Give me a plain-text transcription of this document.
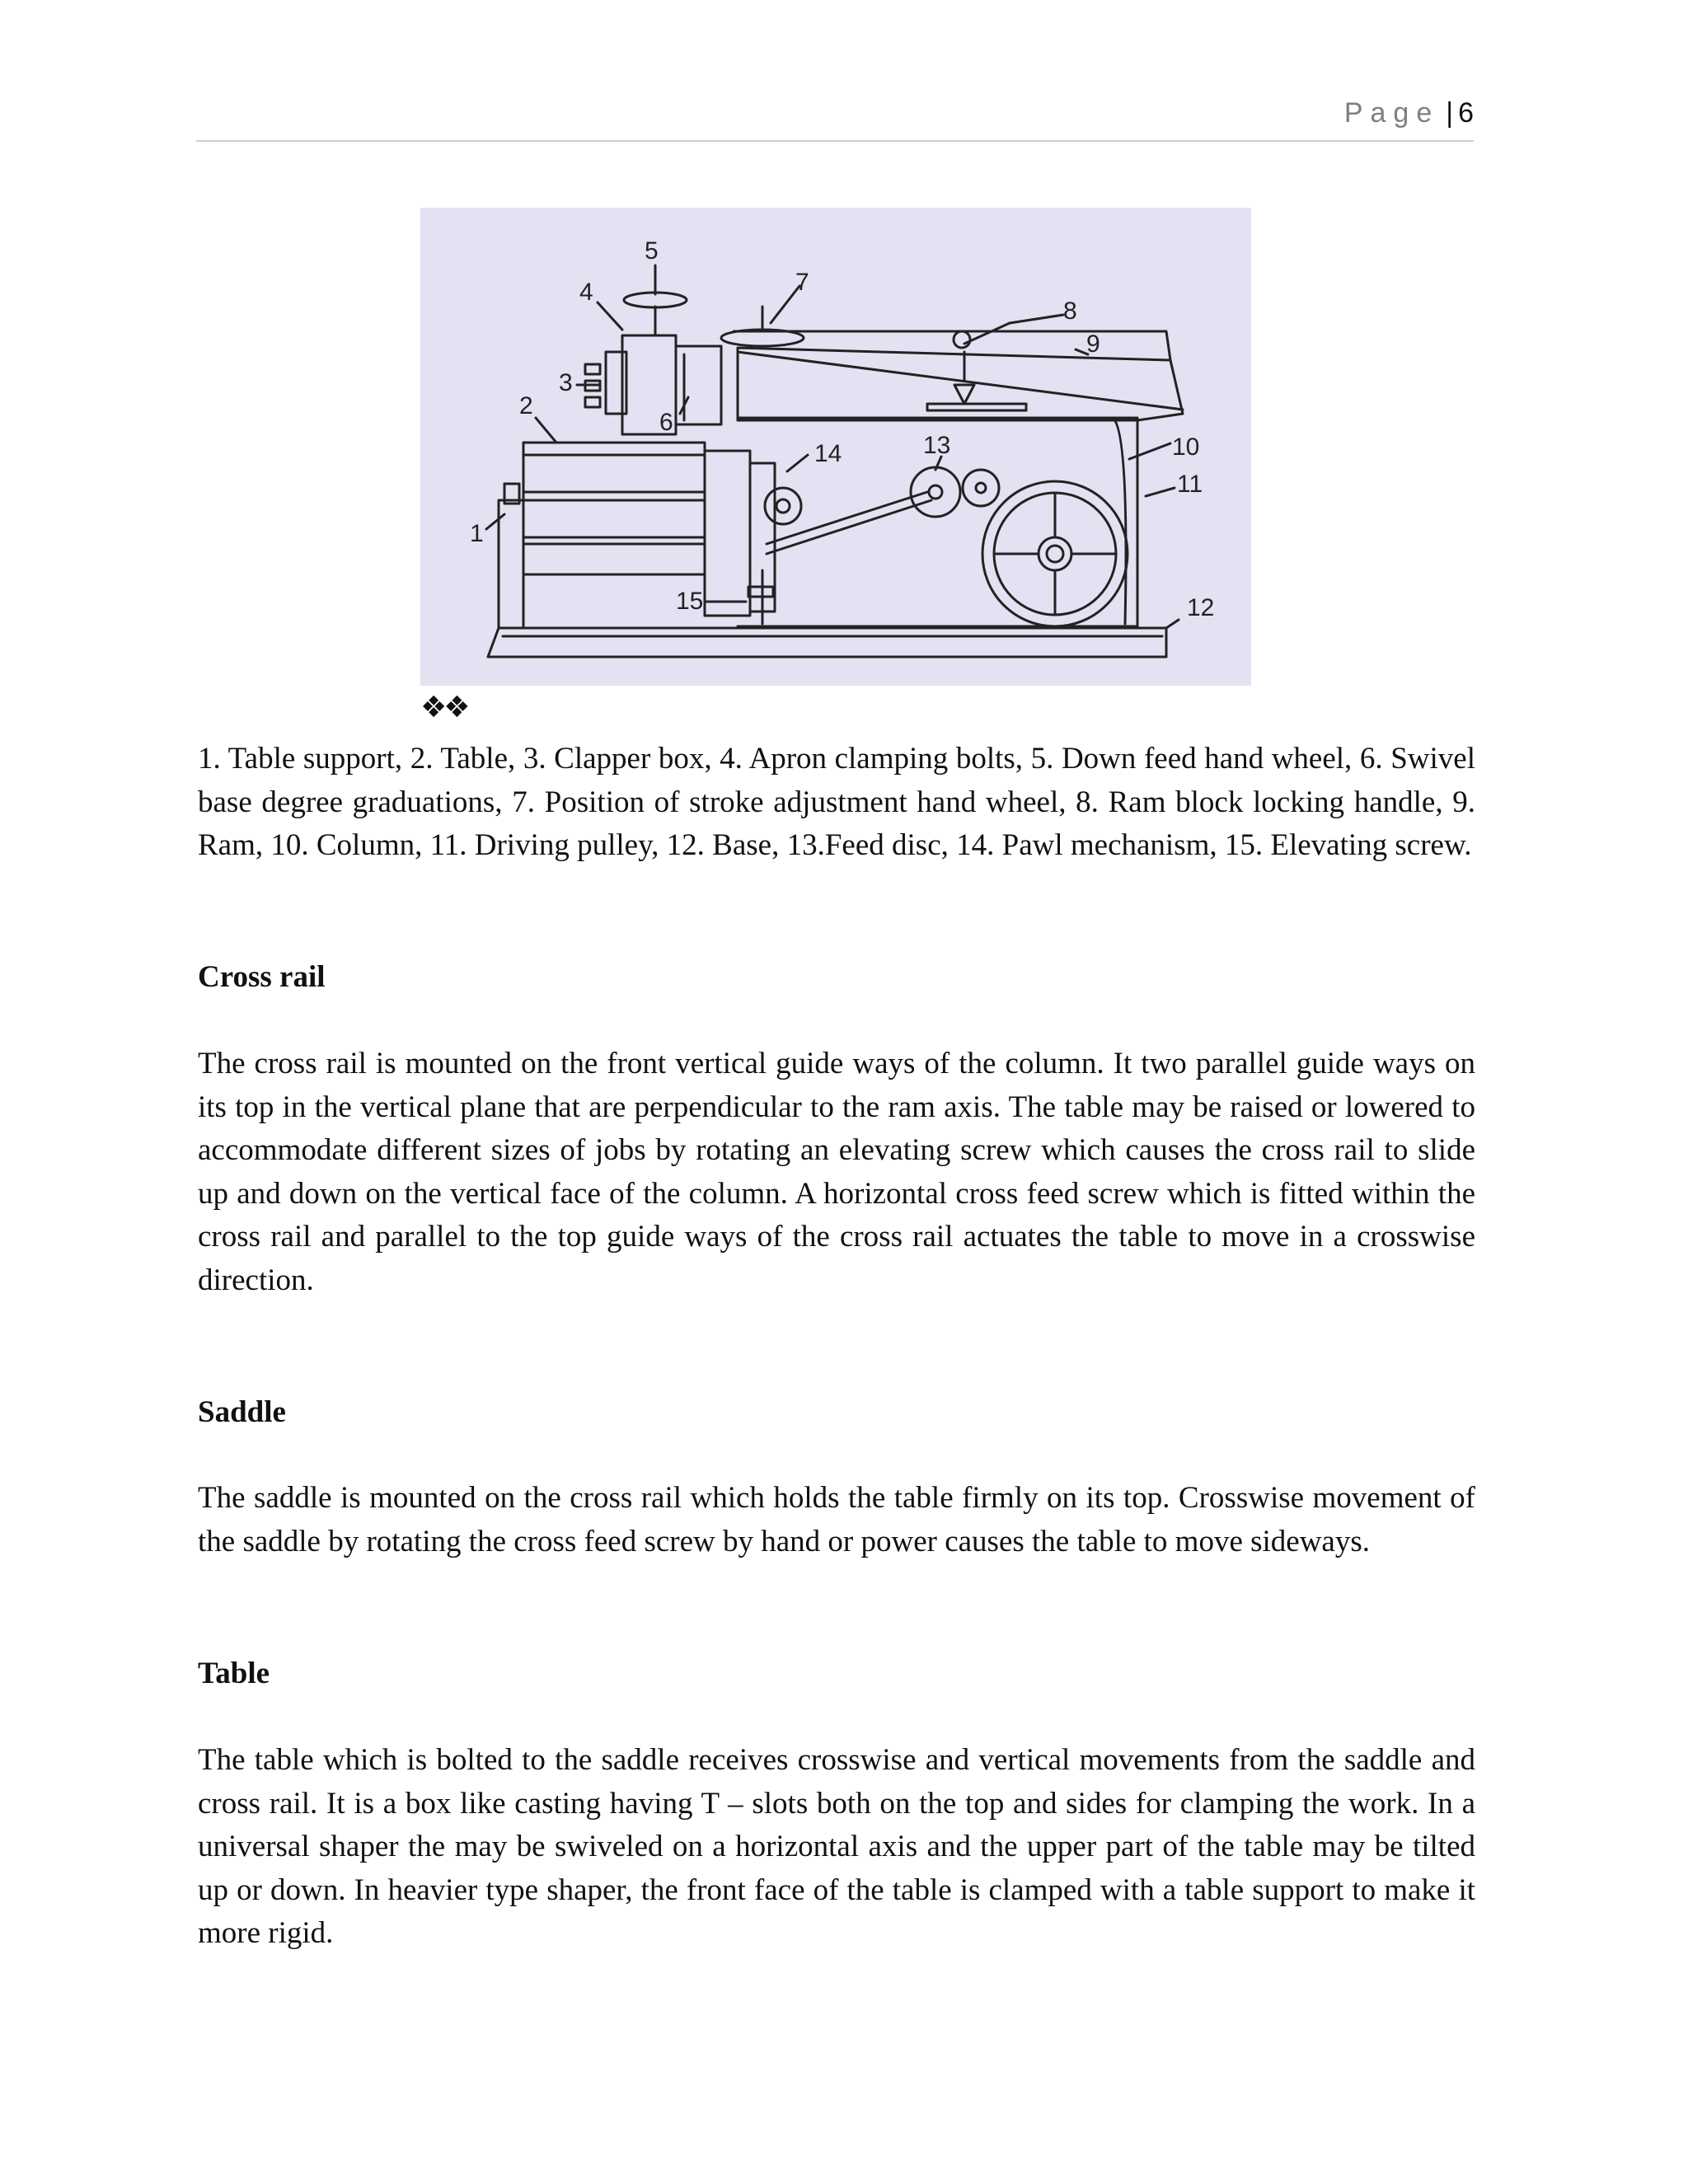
Page | 6
1
2
3
4
5
6
7
8
9
10
11
12
13
14
15
❖❖
1. Table support, 2. Table, 3. Clapper box, 4. Apron clamping bolts, 5. Down feed hand wheel, 6. Swivel base degree graduations, 7. Position of stroke adjustment hand wheel, 8. Ram block locking handle, 9. Ram, 10. Column, 11. Driving pulley, 12. Base, 13.Feed disc, 14. Pawl mechanism, 15. Elevating screw.
Cross rail
The cross rail is mounted on the front vertical guide ways of the column. It two parallel guide ways on its top in the vertical plane that are perpendicular to the ram axis. The table may be raised or lowered to accommodate different sizes of jobs by rotating an elevating screw which causes the cross rail to slide up and down on the vertical face of the column. A horizontal cross feed screw which is fitted within the cross rail and parallel to the top guide ways of the cross rail actuates the table to move in a crosswise direction.
Saddle
The saddle is mounted on the cross rail which holds the table firmly on its top. Crosswise movement of the saddle by rotating the cross feed screw by hand or power causes the table to move sideways.
Table
The table which is bolted to the saddle receives crosswise and vertical movements from the saddle and cross rail. It is a box like casting having T – slots both on the top and sides for clamping the work. In a universal shaper the may be swiveled on a horizontal axis and the upper part of the table may be tilted up or down. In heavier type shaper, the front face of the table is clamped with a table support to make it more rigid.
